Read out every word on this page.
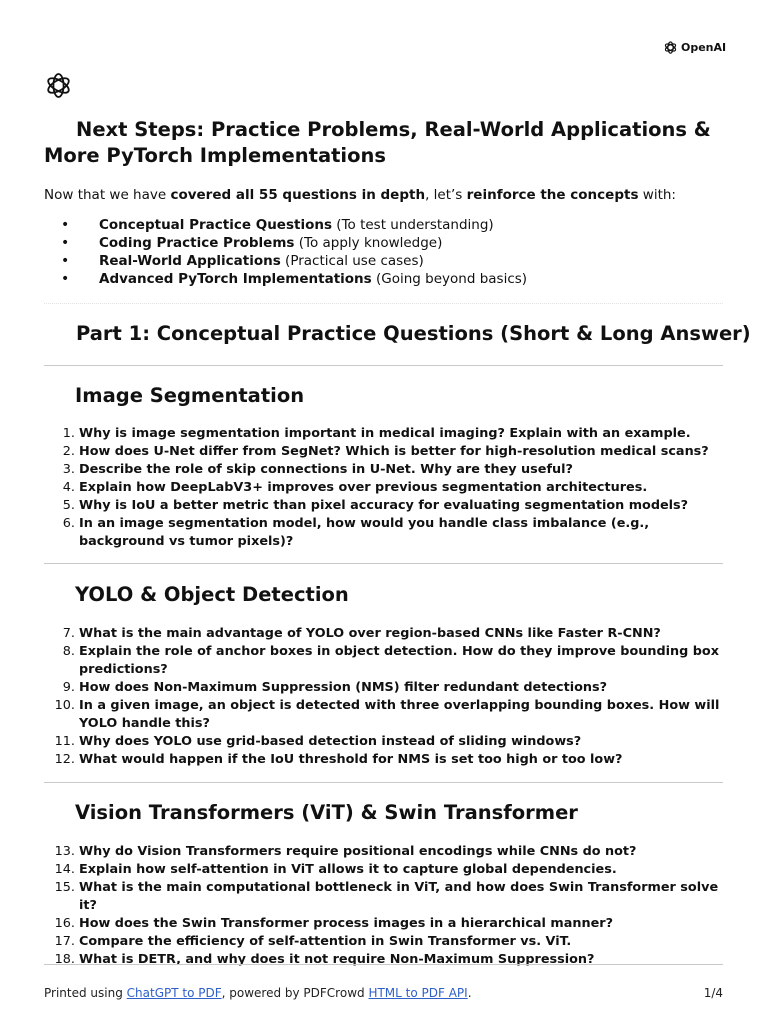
OpenAI
Next Steps: Practice Problems, Real-World Applications & More PyTorch Implementations

Now that we have covered all 55 questions in depth, let’s reinforce the concepts with:

• Conceptual Practice Questions (To test understanding)
• Coding Practice Problems (To apply knowledge)
• Real-World Applications (Practical use cases)
• Advanced PyTorch Implementations (Going beyond basics)
Part 1: Conceptual Practice Questions (Short & Long Answer)
Image Segmentation
1. Why is image segmentation important in medical imaging? Explain with an example.
2. How does U-Net differ from SegNet? Which is better for high-resolution medical scans?
3. Describe the role of skip connections in U-Net. Why are they useful?
4. Explain how DeepLabV3+ improves over previous segmentation architectures.
5. Why is IoU a better metric than pixel accuracy for evaluating segmentation models?
6. In an image segmentation model, how would you handle class imbalance (e.g., background vs tumor pixels)?
YOLO & Object Detection
7. What is the main advantage of YOLO over region-based CNNs like Faster R-CNN?
8. Explain the role of anchor boxes in object detection. How do they improve bounding box predictions?
9. How does Non-Maximum Suppression (NMS) filter redundant detections?
10. In a given image, an object is detected with three overlapping bounding boxes. How will YOLO handle this?
11. Why does YOLO use grid-based detection instead of sliding windows?
12. What would happen if the IoU threshold for NMS is set too high or too low?
Vision Transformers (ViT) & Swin Transformer
13. Why do Vision Transformers require positional encodings while CNNs do not?
14. Explain how self-attention in ViT allows it to capture global dependencies.
15. What is the main computational bottleneck in ViT, and how does Swin Transformer solve it?
16. How does the Swin Transformer process images in a hierarchical manner?
17. Compare the efficiency of self-attention in Swin Transformer vs. ViT.
18. What is DETR, and why does it not require Non-Maximum Suppression?
Printed using ChatGPT to PDF, powered by PDFCrowd HTML to PDF API.	1/4
